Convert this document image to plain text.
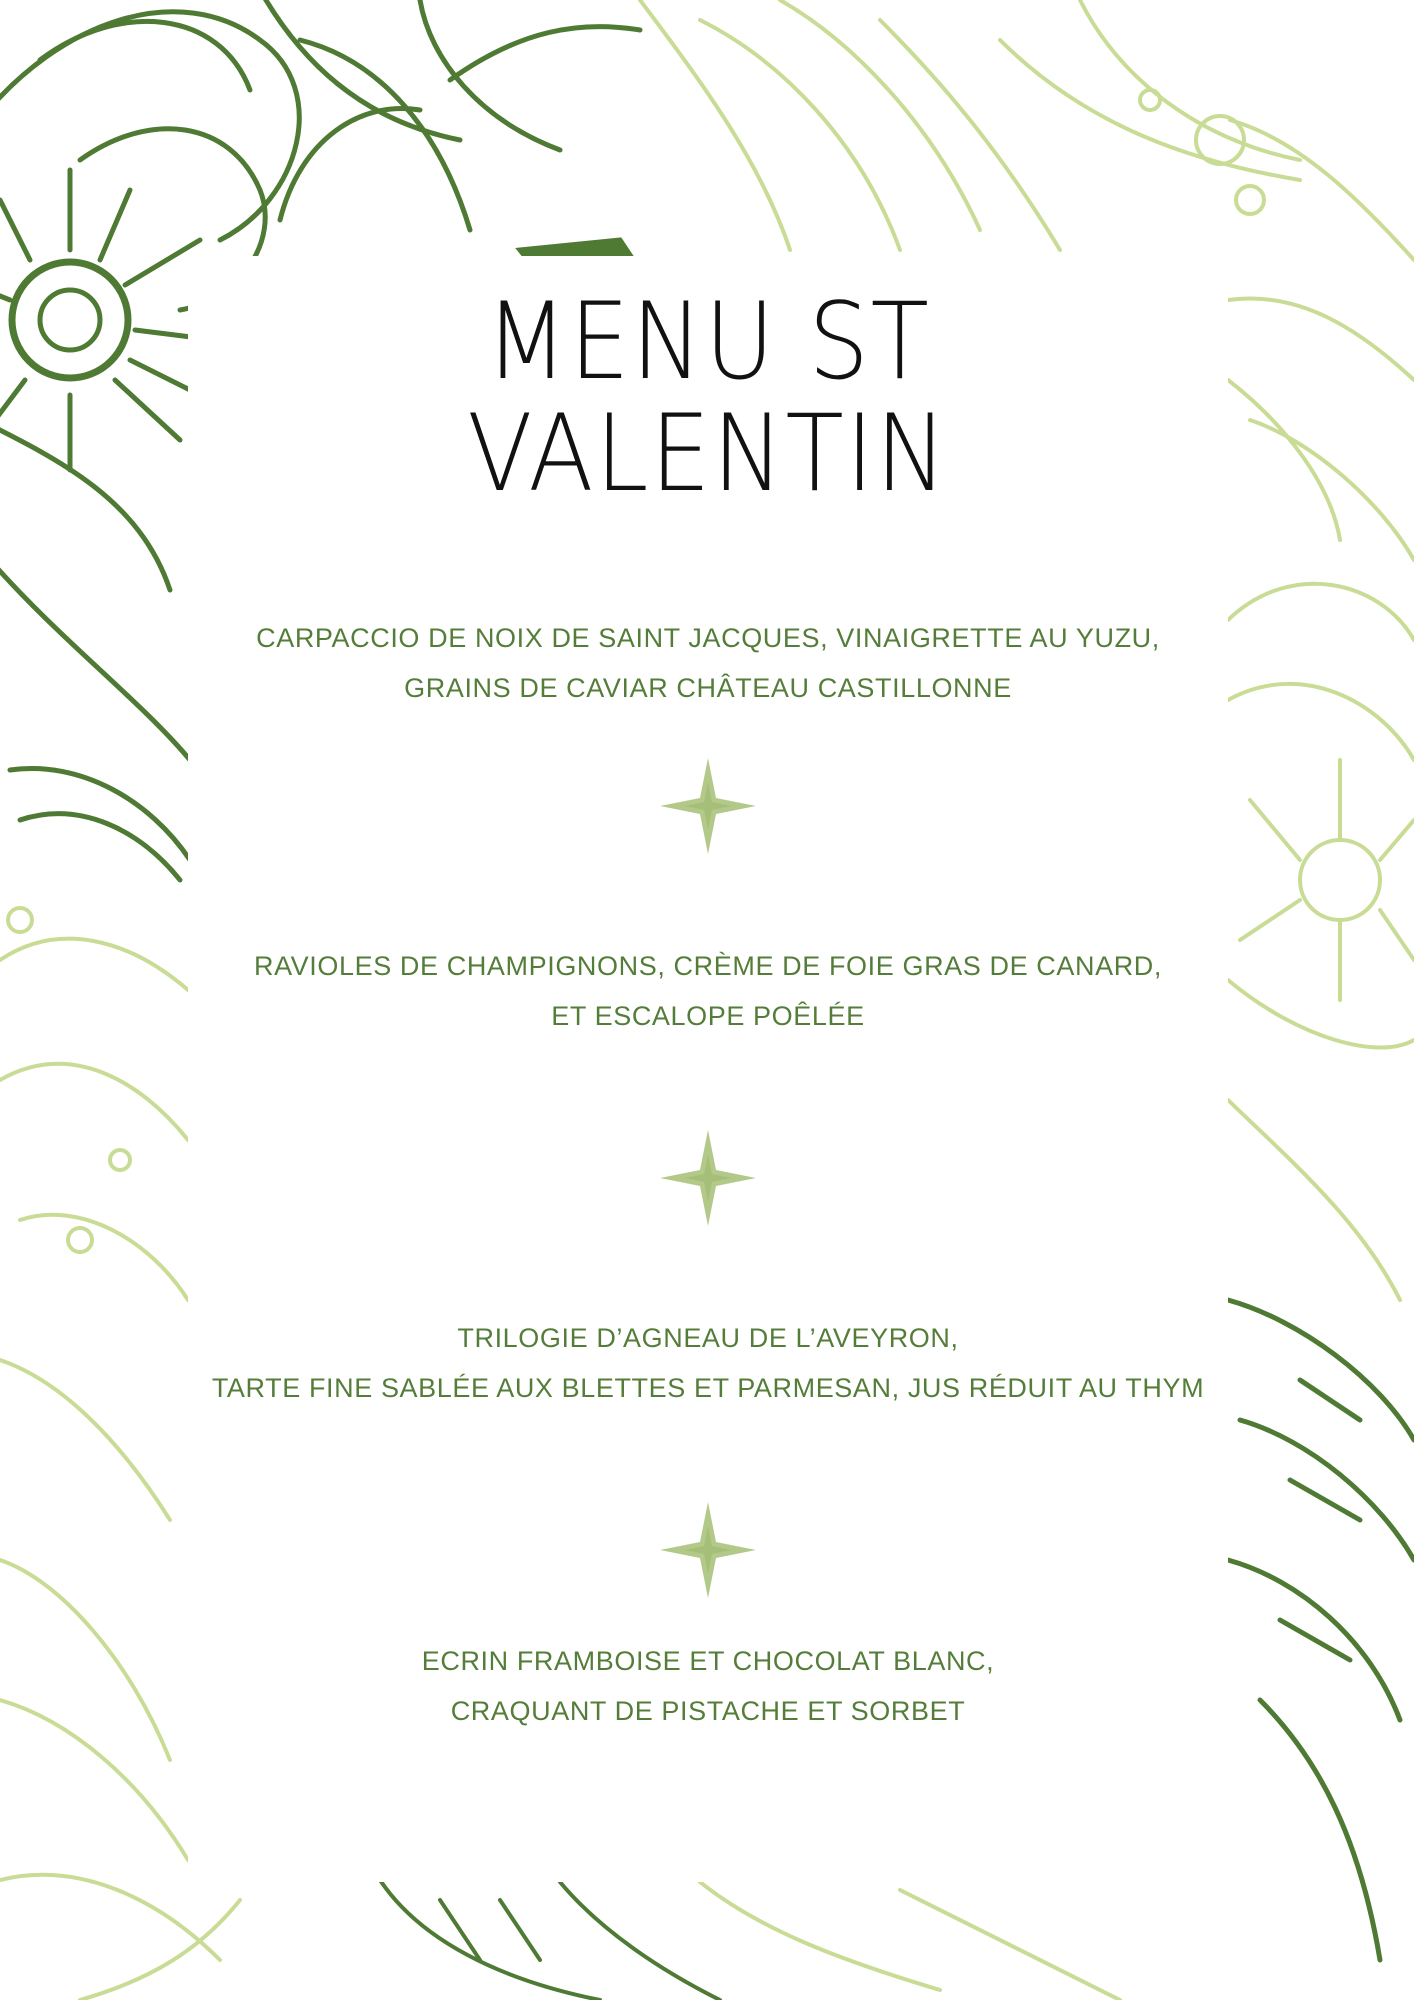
MENU ST
VALENTIN
CARPACCIO DE NOIX DE SAINT JACQUES, VINAIGRETTE AU YUZU,
GRAINS DE CAVIAR CHÂTEAU CASTILLONNE
RAVIOLES DE CHAMPIGNONS, CRÈME DE FOIE GRAS DE CANARD,
ET ESCALOPE POÊLÉE
TRILOGIE D’AGNEAU DE L’AVEYRON,
TARTE FINE SABLÉE AUX BLETTES ET PARMESAN, JUS RÉDUIT AU THYM
ECRIN FRAMBOISE ET CHOCOLAT BLANC,
CRAQUANT DE PISTACHE ET SORBET
